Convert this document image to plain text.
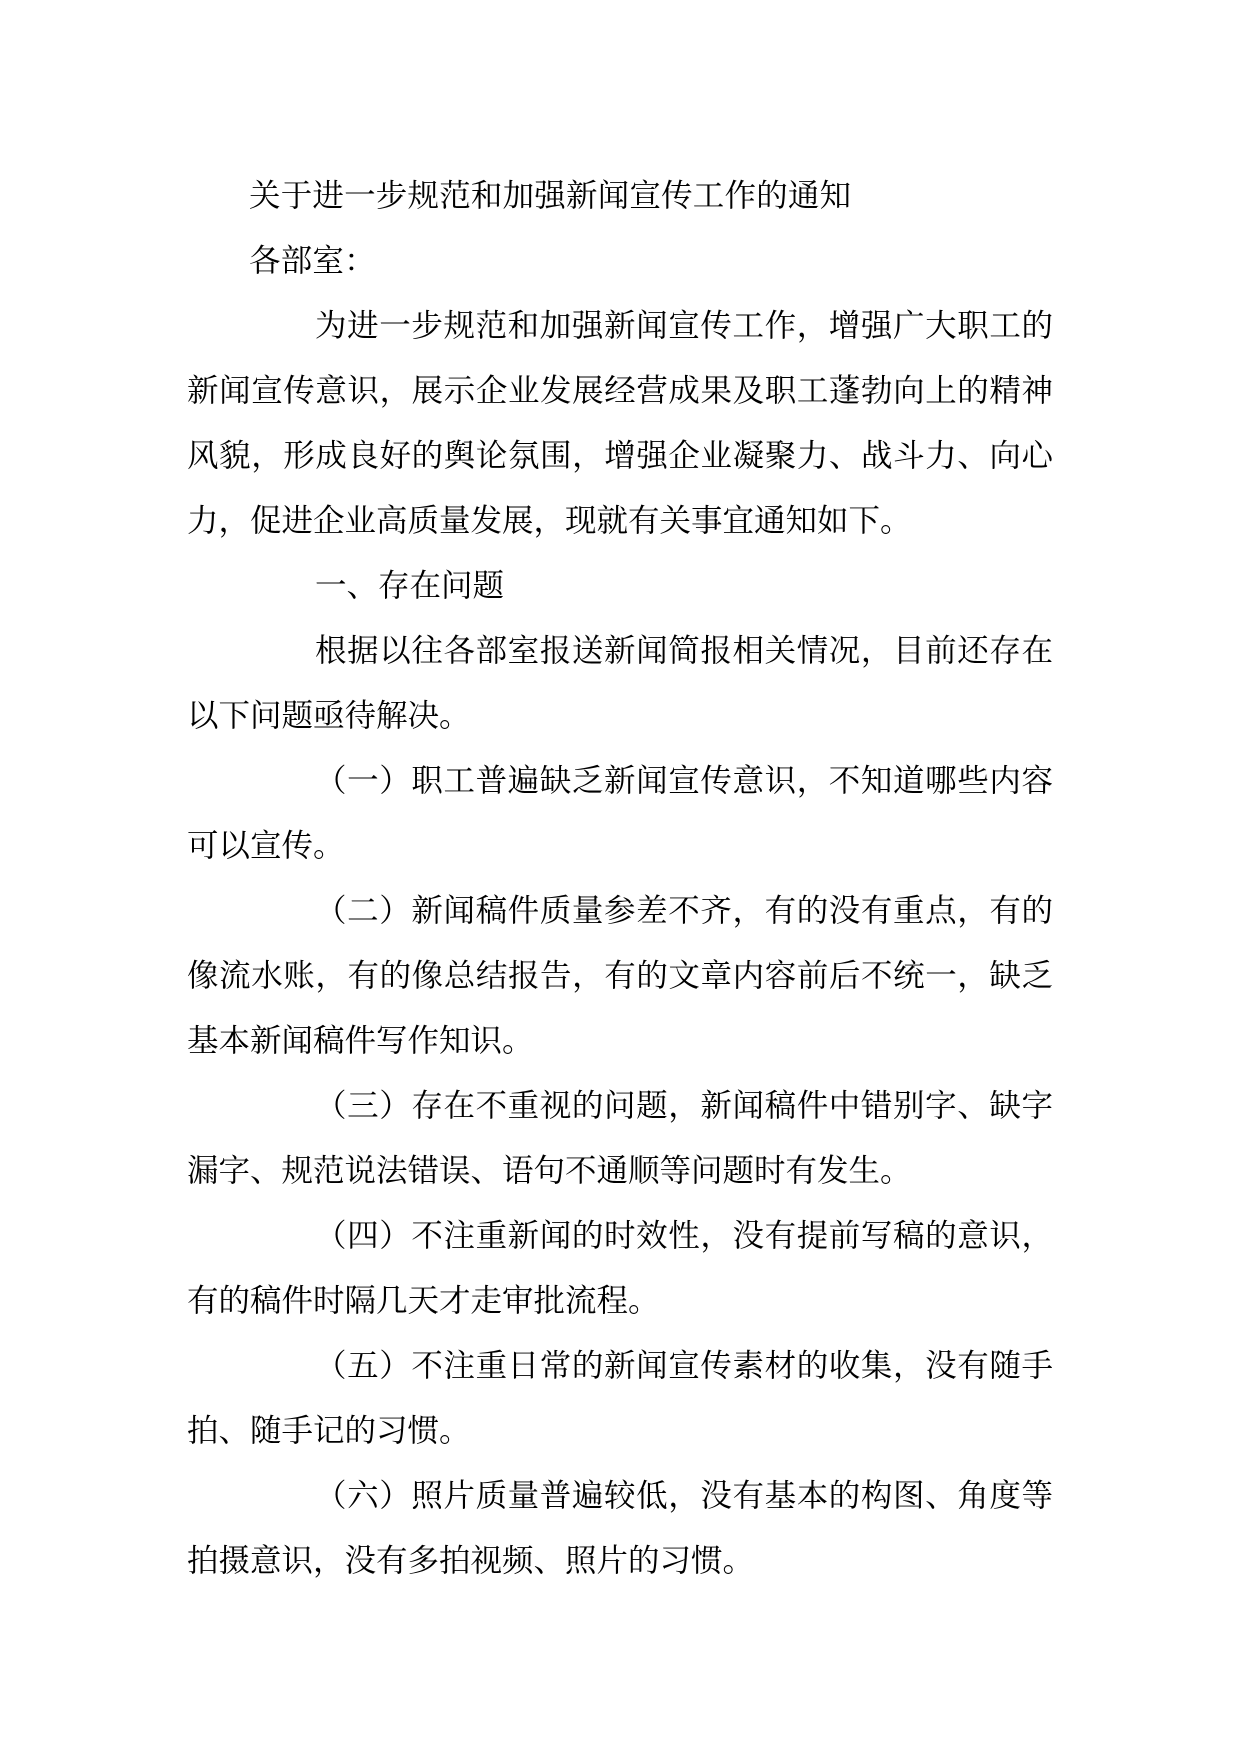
关于进一步规范和加强新闻宣传工作的通知
各部室：
为进一步规范和加强新闻宣传工作，增强广大职工的新闻宣传意识，展示企业发展经营成果及职工蓬勃向上的精神风貌，形成良好的舆论氛围，增强企业凝聚力、战斗力、向心力，促进企业高质量发展，现就有关事宜通知如下。
一、存在问题
根据以往各部室报送新闻简报相关情况，目前还存在以下问题亟待解决。
（一）职工普遍缺乏新闻宣传意识，不知道哪些内容可以宣传。
（二）新闻稿件质量参差不齐，有的没有重点，有的像流水账，有的像总结报告，有的文章内容前后不统一，缺乏基本新闻稿件写作知识。
（三）存在不重视的问题，新闻稿件中错别字、缺字漏字、规范说法错误、语句不通顺等问题时有发生。
（四）不注重新闻的时效性，没有提前写稿的意识，有的稿件时隔几天才走审批流程。
（五）不注重日常的新闻宣传素材的收集，没有随手拍、随手记的习惯。
（六）照片质量普遍较低，没有基本的构图、角度等拍摄意识，没有多拍视频、照片的习惯。
